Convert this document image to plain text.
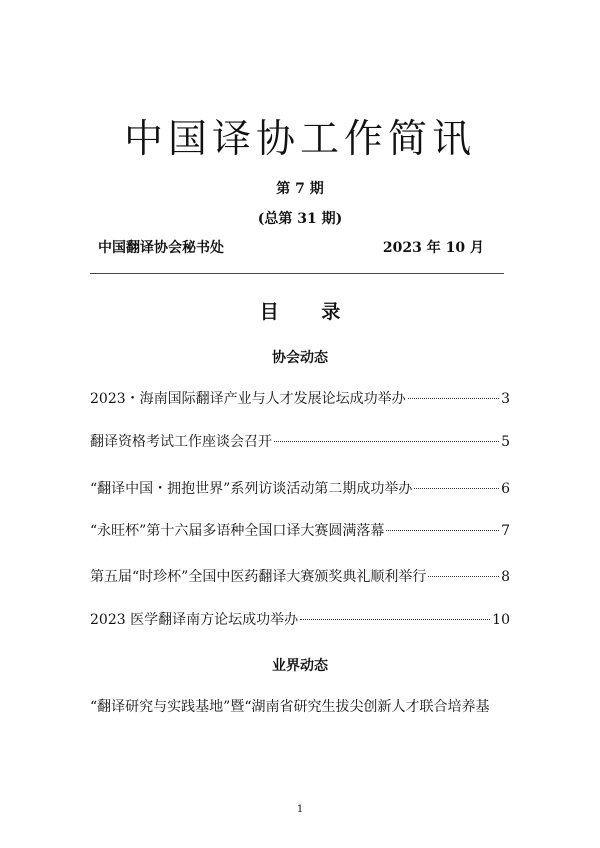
中国译协工作简讯
第 7 期
(总第 31 期)
中国翻译协会秘书处	2023 年 10 月
目 录
协会动态
2023・海南国际翻译产业与人才发展论坛成功举办	3
翻译资格考试工作座谈会召开	5
“翻译中国・拥抱世界”系列访谈活动第二期成功举办	6
“永旺杯”第十六届多语种全国口译大赛圆满落幕	7
第五届“时珍杯”全国中医药翻译大赛颁奖典礼顺利举行	8
2023 医学翻译南方论坛成功举办	10
业界动态
“翻译研究与实践基地”暨“湖南省研究生拔尖创新人才联合培养基
1
